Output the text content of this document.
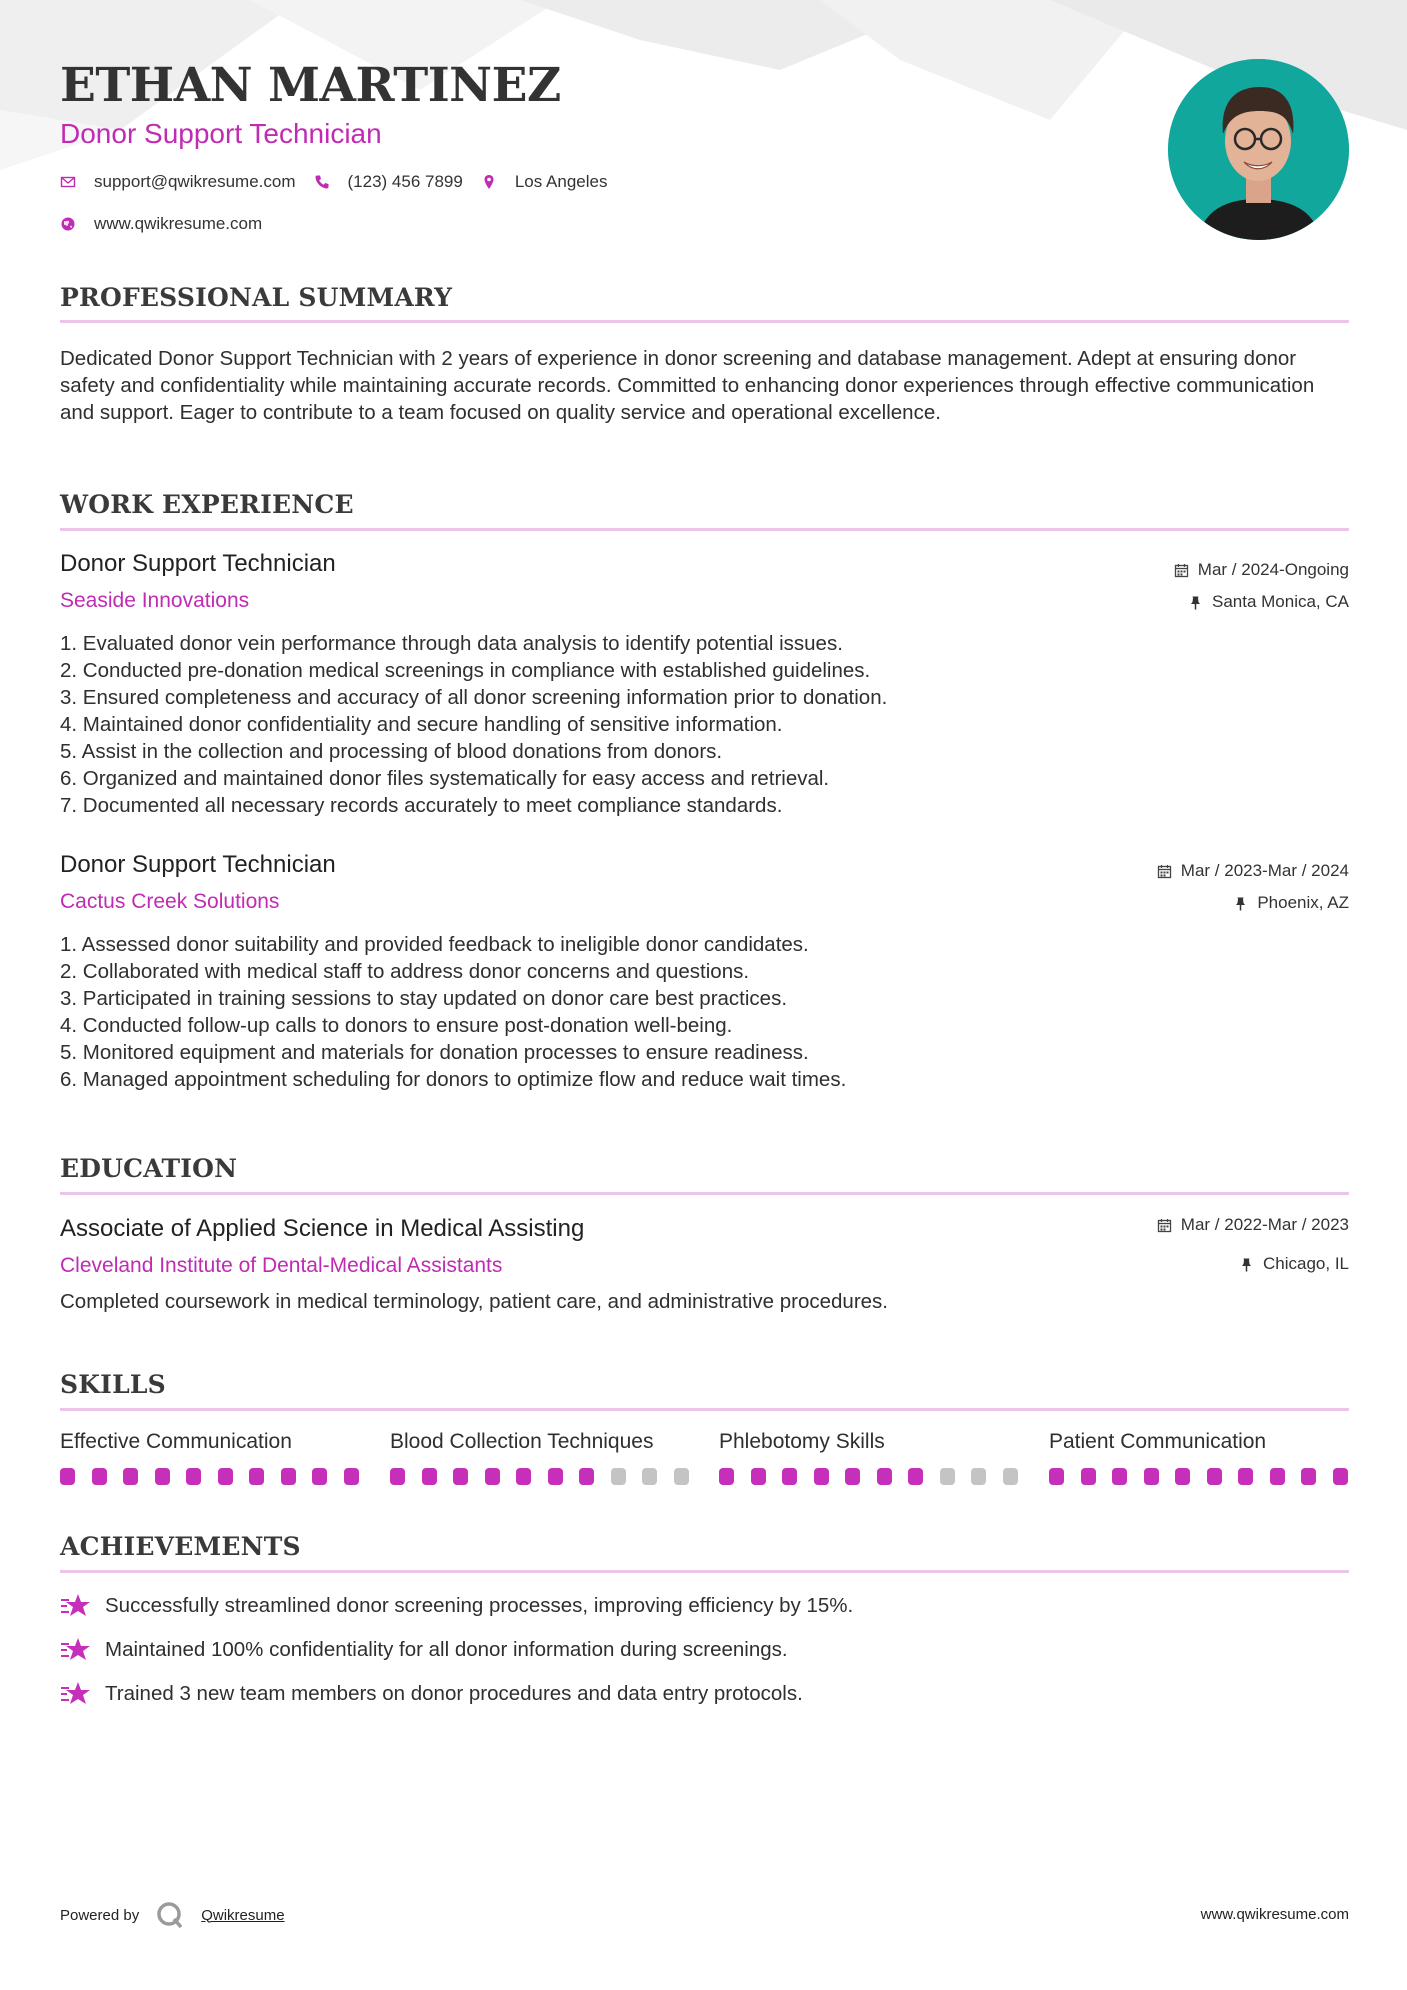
ETHAN MARTINEZ
Donor Support Technician
support@qwikresume.com	(123) 456 7899	Los Angeles
www.qwikresume.com
PROFESSIONAL SUMMARY
Dedicated Donor Support Technician with 2 years of experience in donor screening and database management. Adept at ensuring donor safety and confidentiality while maintaining accurate records. Committed to enhancing donor experiences through effective communication and support. Eager to contribute to a team focused on quality service and operational excellence.
WORK EXPERIENCE
Donor Support Technician
Seaside Innovations
Mar / 2024-Ongoing
Santa Monica, CA
1. Evaluated donor vein performance through data analysis to identify potential issues.
2. Conducted pre-donation medical screenings in compliance with established guidelines.
3. Ensured completeness and accuracy of all donor screening information prior to donation.
4. Maintained donor confidentiality and secure handling of sensitive information.
5. Assist in the collection and processing of blood donations from donors.
6. Organized and maintained donor files systematically for easy access and retrieval.
7. Documented all necessary records accurately to meet compliance standards.
Donor Support Technician
Cactus Creek Solutions
Mar / 2023-Mar / 2024
Phoenix, AZ
1. Assessed donor suitability and provided feedback to ineligible donor candidates.
2. Collaborated with medical staff to address donor concerns and questions.
3. Participated in training sessions to stay updated on donor care best practices.
4. Conducted follow-up calls to donors to ensure post-donation well-being.
5. Monitored equipment and materials for donation processes to ensure readiness.
6. Managed appointment scheduling for donors to optimize flow and reduce wait times.
EDUCATION
Associate of Applied Science in Medical Assisting
Cleveland Institute of Dental-Medical Assistants
Mar / 2022-Mar / 2023
Chicago, IL
Completed coursework in medical terminology, patient care, and administrative procedures.
SKILLS
Effective Communication	Blood Collection Techniques	Phlebotomy Skills	Patient Communication
ACHIEVEMENTS
Successfully streamlined donor screening processes, improving efficiency by 15%.
Maintained 100% confidentiality for all donor information during screenings.
Trained 3 new team members on donor procedures and data entry protocols.
Powered by	Qwikresume	www.qwikresume.com
